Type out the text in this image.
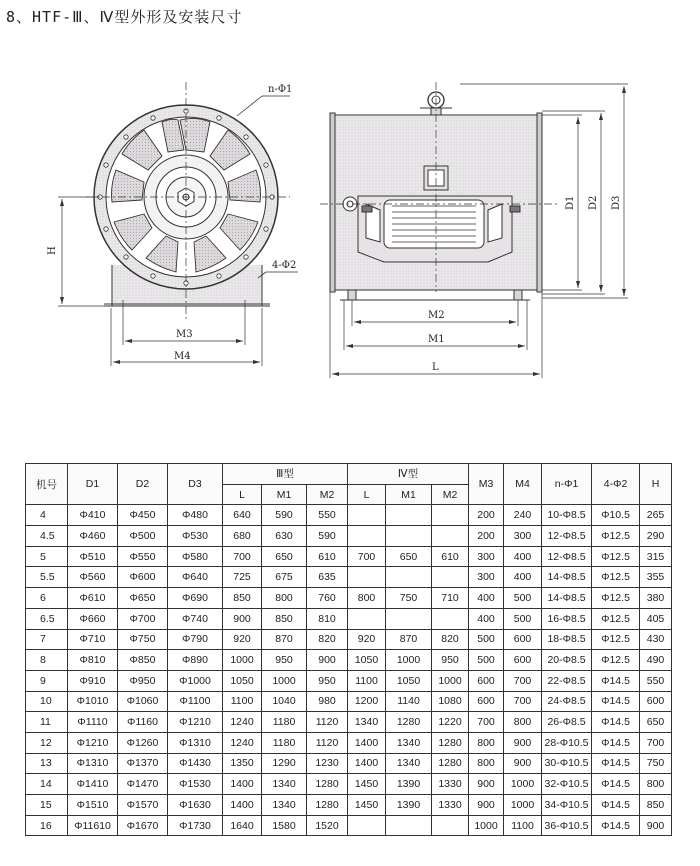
8、HTF-Ⅲ、Ⅳ型外形及安装尺寸
n-Φ1
4-Φ2
H
M3
M4
D1 D2 D3
M2
M1
L
机号	D1	D2	D3	Ⅲ型			Ⅳ型			M3	M4	n-Φ1	4-Φ2	H
				L	M1	M2	L	M1	M2					
4	Φ410	Φ450	Φ480	640	590	550				200	240	10-Φ8.5	Φ10.5	265
4.5	Φ460	Φ500	Φ530	680	630	590				200	300	12-Φ8.5	Φ12.5	290
5	Φ510	Φ550	Φ580	700	650	610	700	650	610	300	400	12-Φ8.5	Φ12.5	315
5.5	Φ560	Φ600	Φ640	725	675	635				300	400	14-Φ8.5	Φ12.5	355
6	Φ610	Φ650	Φ690	850	800	760	800	750	710	400	500	14-Φ8.5	Φ12.5	380
6.5	Φ660	Φ700	Φ740	900	850	810				400	500	16-Φ8.5	Φ12.5	405
7	Φ710	Φ750	Φ790	920	870	820	920	870	820	500	600	18-Φ8.5	Φ12.5	430
8	Φ810	Φ850	Φ890	1000	950	900	1050	1000	950	500	600	20-Φ8.5	Φ12.5	490
9	Φ910	Φ950	Φ1000	1050	1000	950	1100	1050	1000	600	700	22-Φ8.5	Φ14.5	550
10	Φ1010	Φ1060	Φ1100	1100	1040	980	1200	1140	1080	600	700	24-Φ8.5	Φ14.5	600
11	Φ1110	Φ1160	Φ1210	1240	1180	1120	1340	1280	1220	700	800	26-Φ8.5	Φ14.5	650
12	Φ1210	Φ1260	Φ1310	1240	1180	1120	1400	1340	1280	800	900	28-Φ10.5	Φ14.5	700
13	Φ1310	Φ1370	Φ1430	1350	1290	1230	1400	1340	1280	800	900	30-Φ10.5	Φ14.5	750
14	Φ1410	Φ1470	Φ1530	1400	1340	1280	1450	1390	1330	900	1000	32-Φ10.5	Φ14.5	800
15	Φ1510	Φ1570	Φ1630	1400	1340	1280	1450	1390	1330	900	1000	34-Φ10.5	Φ14.5	850
16	Φ11610	Φ1670	Φ1730	1640	1580	1520				1000	1100	36-Φ10.5	Φ14.5	900
